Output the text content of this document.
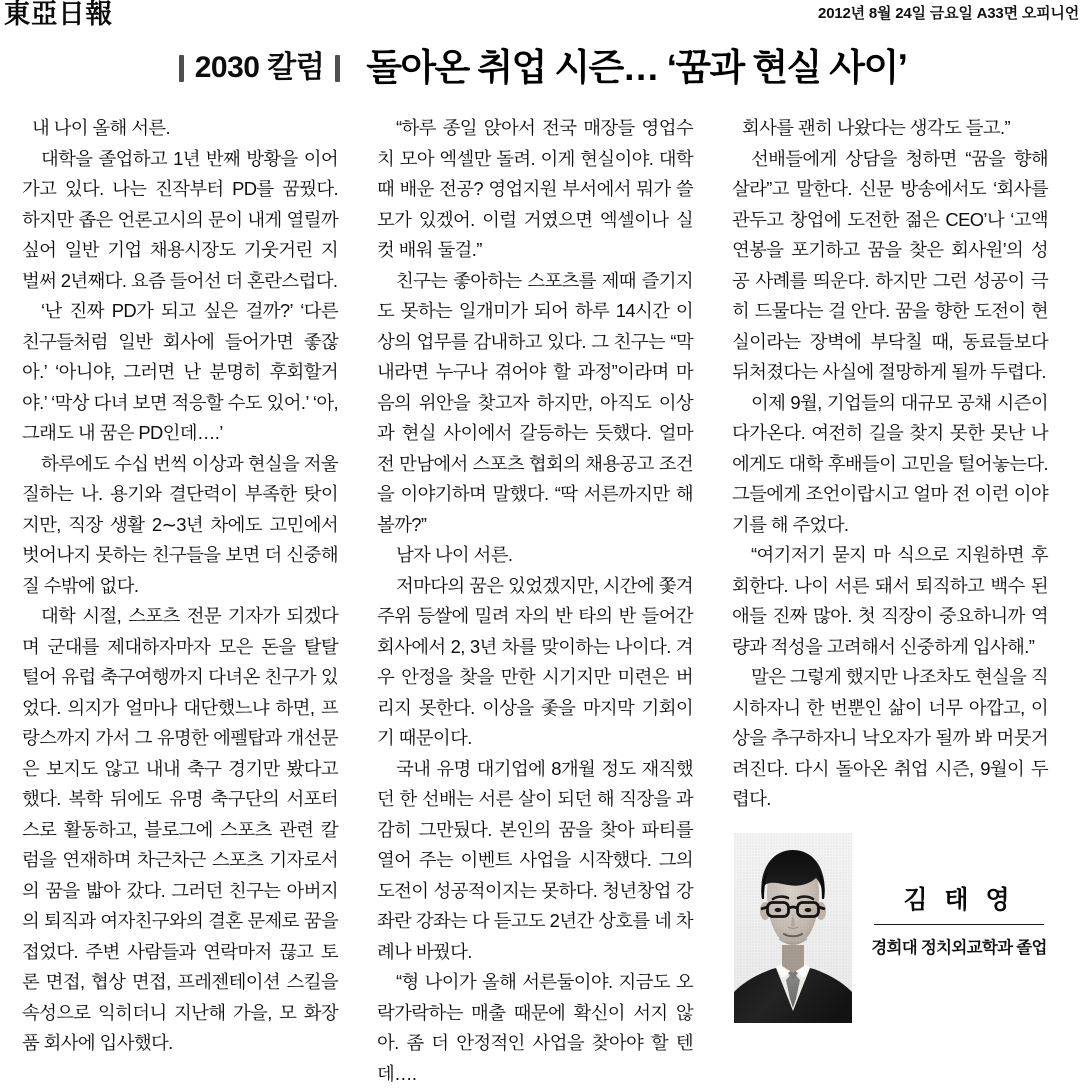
東亞日報	2012년 8월 24일 금요일 A33면 오피니언
2030 칼럼 돌아온 취업 시즌… ‘꿈과 현실 사이’

내 나이 올해 서른.

대학을 졸업하고 1년 반째 방황을 이어가고 있다. 나는 진작부터 PD를 꿈꿨다. 하지만 좁은 언론고시의 문이 내게 열릴까 싶어 일반 기업 채용시장도 기웃거린 지 벌써 2년째다. 요즘 들어선 더 혼란스럽다.

‘난 진짜 PD가 되고 싶은 걸까?’ ‘다른 친구들처럼 일반 회사에 들어가면 좋잖아.’ ‘아니야, 그러면 난 분명히 후회할거야.’ ‘막상 다녀 보면 적응할 수도 있어.’ ‘아, 그래도 내 꿈은 PD인데….’

하루에도 수십 번씩 이상과 현실을 저울질하는 나. 용기와 결단력이 부족한 탓이지만, 직장 생활 2∼3년 차에도 고민에서 벗어나지 못하는 친구들을 보면 더 신중해질 수밖에 없다.

대학 시절, 스포츠 전문 기자가 되겠다며 군대를 제대하자마자 모은 돈을 탈탈 털어 유럽 축구여행까지 다녀온 친구가 있었다. 의지가 얼마나 대단했느냐 하면, 프랑스까지 가서 그 유명한 에펠탑과 개선문은 보지도 않고 내내 축구 경기만 봤다고 했다. 복학 뒤에도 유명 축구단의 서포터스로 활동하고, 블로그에 스포츠 관련 칼럼을 연재하며 차근차근 스포츠 기자로서의 꿈을 밟아 갔다. 그러던 친구는 아버지의 퇴직과 여자친구와의 결혼 문제로 꿈을 접었다. 주변 사람들과 연락마저 끊고 토론 면접, 협상 면접, 프레젠테이션 스킬을 속성으로 익히더니 지난해 가을, 모 화장품 회사에 입사했다.

“하루 종일 앉아서 전국 매장들 영업수치 모아 엑셀만 돌려. 이게 현실이야. 대학 때 배운 전공? 영업지원 부서에서 뭐가 쓸모가 있겠어. 이럴 거였으면 엑셀이나 실컷 배워 둘걸.”

친구는 좋아하는 스포츠를 제때 즐기지도 못하는 일개미가 되어 하루 14시간 이상의 업무를 감내하고 있다. 그 친구는 “막내라면 누구나 겪어야 할 과정”이라며 마음의 위안을 찾고자 하지만, 아직도 이상과 현실 사이에서 갈등하는 듯했다. 얼마 전 만남에서 스포츠 협회의 채용공고 조건을 이야기하며 말했다. “딱 서른까지만 해볼까?”

남자 나이 서른.

저마다의 꿈은 있었겠지만, 시간에 쫓겨 주위 등쌀에 밀려 자의 반 타의 반 들어간 회사에서 2, 3년 차를 맞이하는 나이다. 겨우 안정을 찾을 만한 시기지만 미련은 버리지 못한다. 이상을 좇을 마지막 기회이기 때문이다.

국내 유명 대기업에 8개월 정도 재직했던 한 선배는 서른 살이 되던 해 직장을 과감히 그만뒀다. 본인의 꿈을 찾아 파티를 열어 주는 이벤트 사업을 시작했다. 그의 도전이 성공적이지는 못하다. 청년창업 강좌란 강좌는 다 듣고도 2년간 상호를 네 차례나 바꿨다.

“형 나이가 올해 서른둘이야. 지금도 오락가락하는 매출 때문에 확신이 서지 않아. 좀 더 안정적인 사업을 찾아야 할 텐데….

회사를 괜히 나왔다는 생각도 들고.”

선배들에게 상담을 청하면 “꿈을 향해 살라”고 말한다. 신문 방송에서도 ‘회사를 관두고 창업에 도전한 젊은 CEO’나 ‘고액 연봉을 포기하고 꿈을 찾은 회사원’의 성공 사례를 띄운다. 하지만 그런 성공이 극히 드물다는 걸 안다. 꿈을 향한 도전이 현실이라는 장벽에 부닥칠 때, 동료들보다 뒤처졌다는 사실에 절망하게 될까 두렵다.

이제 9월, 기업들의 대규모 공채 시즌이 다가온다. 여전히 길을 찾지 못한 못난 나에게도 대학 후배들이 고민을 털어놓는다. 그들에게 조언이랍시고 얼마 전 이런 이야기를 해 주었다.

“여기저기 묻지 마 식으로 지원하면 후회한다. 나이 서른 돼서 퇴직하고 백수 된 애들 진짜 많아. 첫 직장이 중요하니까 역량과 적성을 고려해서 신중하게 입사해.”

말은 그렇게 했지만 나조차도 현실을 직시하자니 한 번뿐인 삶이 너무 아깝고, 이상을 추구하자니 낙오자가 될까 봐 머뭇거려진다. 다시 돌아온 취업 시즌, 9월이 두렵다.

김 태 영
경희대 정치외교학과 졸업
